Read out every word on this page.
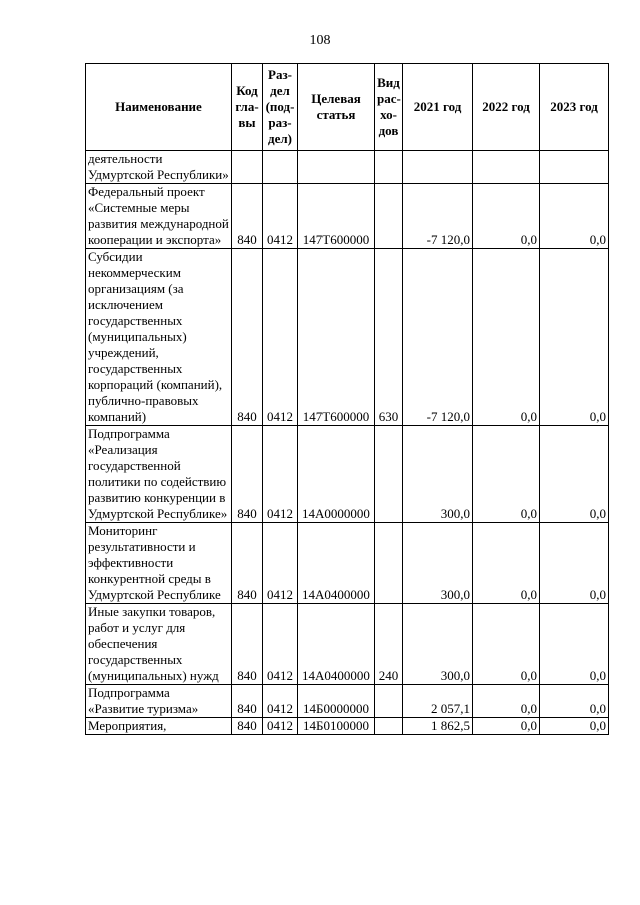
108
Наименование	Код
гла-
вы	Раз-
дел
(под-
раз-
дел)	Целевая
статья	Вид
рас-
хо-
дов	2021 год	2022 год	2023 год
деятельности Удмуртской Республики»							
Федеральный проект «Системные меры развития международной кооперации и экспорта»	840	0412	147Т600000		-7 120,0	0,0	0,0
Субсидии некоммерческим организациям (за исключением государственных (муниципальных) учреждений, государственных корпораций (компаний), публично-правовых компаний)	840	0412	147Т600000	630	-7 120,0	0,0	0,0
Подпрограмма «Реализация государственной политики по содействию развитию конкуренции в Удмуртской Республике»	840	0412	14А0000000		300,0	0,0	0,0
Мониторинг результативности и эффективности конкурентной среды в Удмуртской Республике	840	0412	14А0400000		300,0	0,0	0,0
Иные закупки товаров, работ и услуг для обеспечения государственных (муниципальных) нужд	840	0412	14А0400000	240	300,0	0,0	0,0
Подпрограмма «Развитие туризма»	840	0412	14Б0000000		2 057,1	0,0	0,0
Мероприятия,	840	0412	14Б0100000		1 862,5	0,0	0,0
